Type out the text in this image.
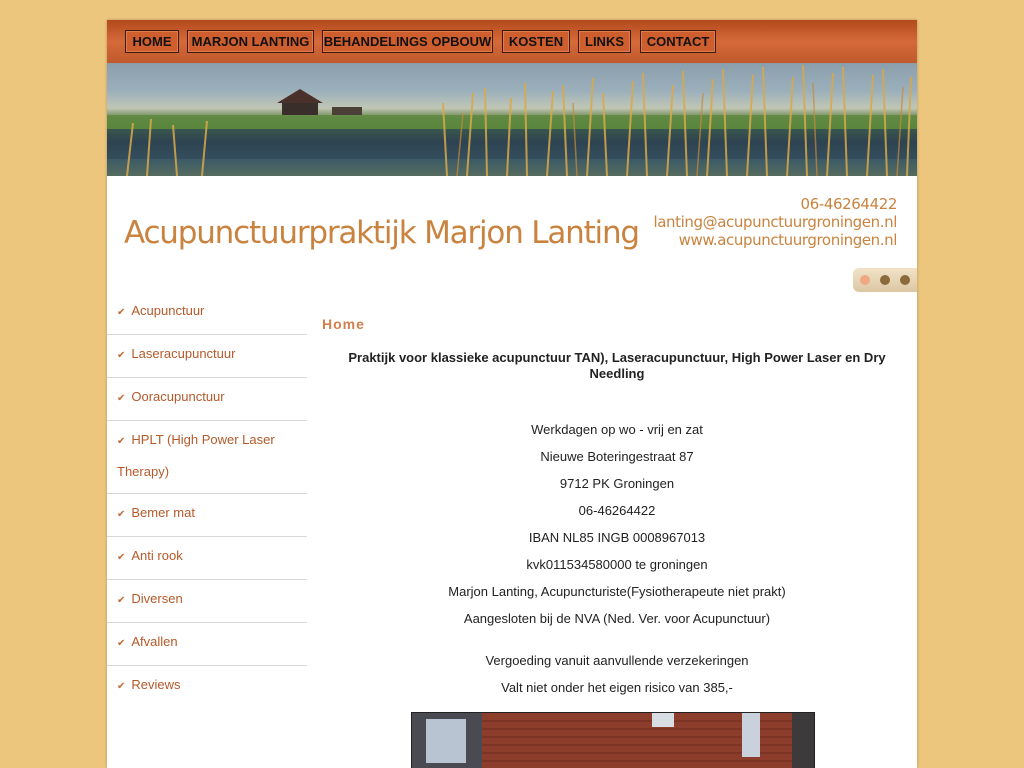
HOME	MARJON LANTING	BEHANDELINGS OPBOUW	KOSTEN	LINKS	CONTACT
Acupunctuurpraktijk Marjon Lanting
06-46264422
lanting@acupunctuurgroningen.nl
www.acupunctuurgroningen.nl
✔ Acupunctuur
✔ Laseracupunctuur
✔ Ooracupunctuur
✔ HPLT (High Power Laser Therapy)
✔ Bemer mat
✔ Anti rook
✔ Diversen
✔ Afvallen
✔ Reviews
Home

Praktijk voor klassieke acupunctuur TAN), Laseracupunctuur, High Power Laser en Dry Needling

Werkdagen op wo - vrij en zat
Nieuwe Boteringestraat 87
9712 PK Groningen
06-46264422
IBAN NL85 INGB 0008967013
kvk011534580000 te groningen
Marjon Lanting, Acupuncturiste(Fysiotherapeute niet prakt)
Aangesloten bij de NVA (Ned. Ver. voor Acupunctuur)
Vergoeding vanuit aanvullende verzekeringen
Valt niet onder het eigen risico van 385,-
